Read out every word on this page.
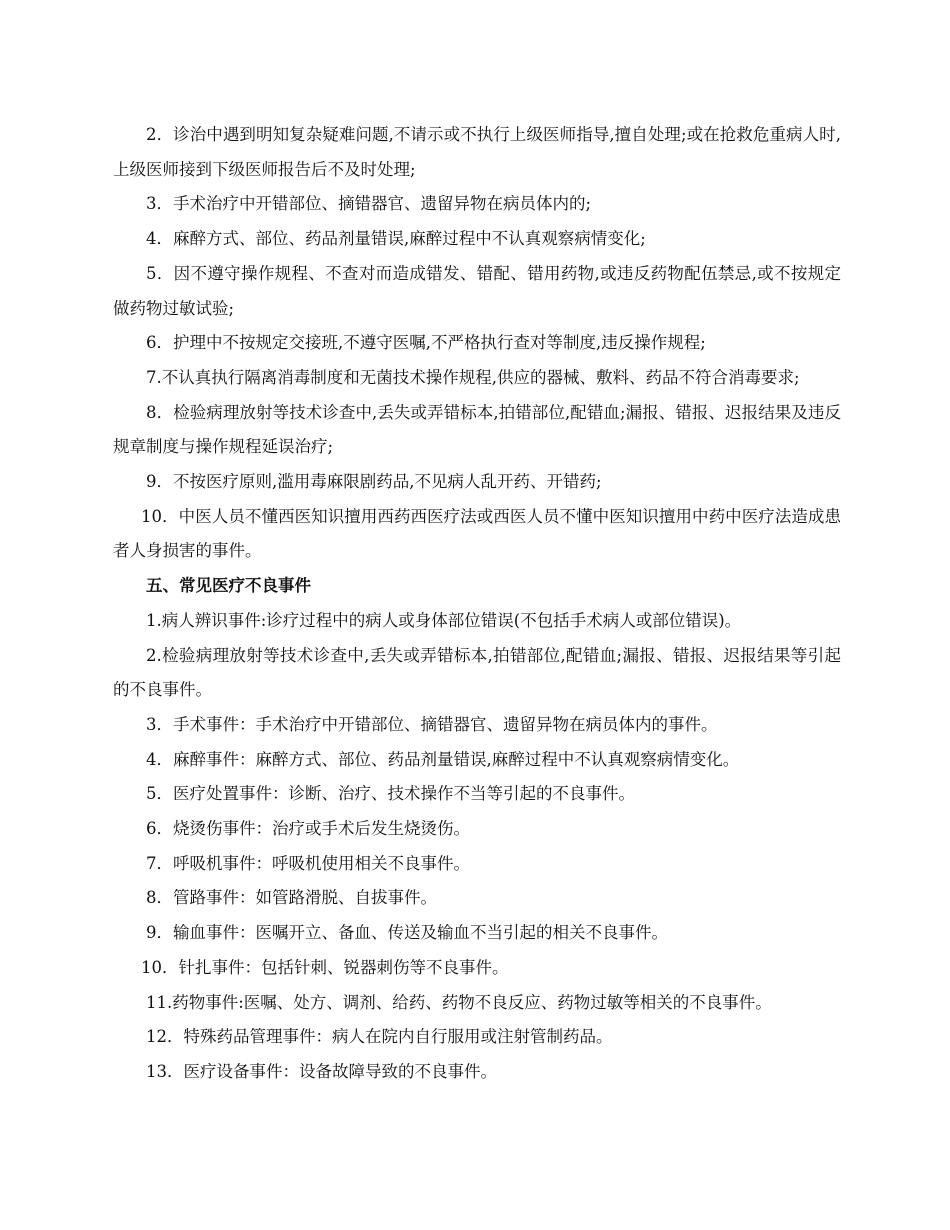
2．诊治中遇到明知复杂疑难问题,不请示或不执行上级医师指导,擅自处理;或在抢救危重病人时,上级医师接到下级医师报告后不及时处理;

3．手术治疗中开错部位、摘错器官、遗留异物在病员体内的;

4．麻醉方式、部位、药品剂量错误,麻醉过程中不认真观察病情变化;

5．因不遵守操作规程、不查对而造成错发、错配、错用药物,或违反药物配伍禁忌,或不按规定做药物过敏试验;

6．护理中不按规定交接班,不遵守医嘱,不严格执行查对等制度,违反操作规程;

7.不认真执行隔离消毒制度和无菌技术操作规程,供应的器械、敷料、药品不符合消毒要求;

8．检验病理放射等技术诊查中,丢失或弄错标本,拍错部位,配错血;漏报、错报、迟报结果及违反规章制度与操作规程延误治疗;

9．不按医疗原则,滥用毒麻限剧药品,不见病人乱开药、开错药;

10．中医人员不懂西医知识擅用西药西医疗法或西医人员不懂中医知识擅用中药中医疗法造成患者人身损害的事件。

五、常见医疗不良事件

1.病人辨识事件:诊疗过程中的病人或身体部位错误(不包括手术病人或部位错误)。

2.检验病理放射等技术诊查中,丢失或弄错标本,拍错部位,配错血;漏报、错报、迟报结果等引起的不良事件。

3．手术事件：手术治疗中开错部位、摘错器官、遗留异物在病员体内的事件。

4．麻醉事件：麻醉方式、部位、药品剂量错误,麻醉过程中不认真观察病情变化。

5．医疗处置事件：诊断、治疗、技术操作不当等引起的不良事件。

6．烧烫伤事件：治疗或手术后发生烧烫伤。

7．呼吸机事件：呼吸机使用相关不良事件。

8．管路事件：如管路滑脱、自拔事件。

9．输血事件：医嘱开立、备血、传送及输血不当引起的相关不良事件。

10．针扎事件：包括针刺、锐器刺伤等不良事件。

11.药物事件:医嘱、处方、调剂、给药、药物不良反应、药物过敏等相关的不良事件。

12．特殊药品管理事件：病人在院内自行服用或注射管制药品。

13．医疗设备事件：设备故障导致的不良事件。
